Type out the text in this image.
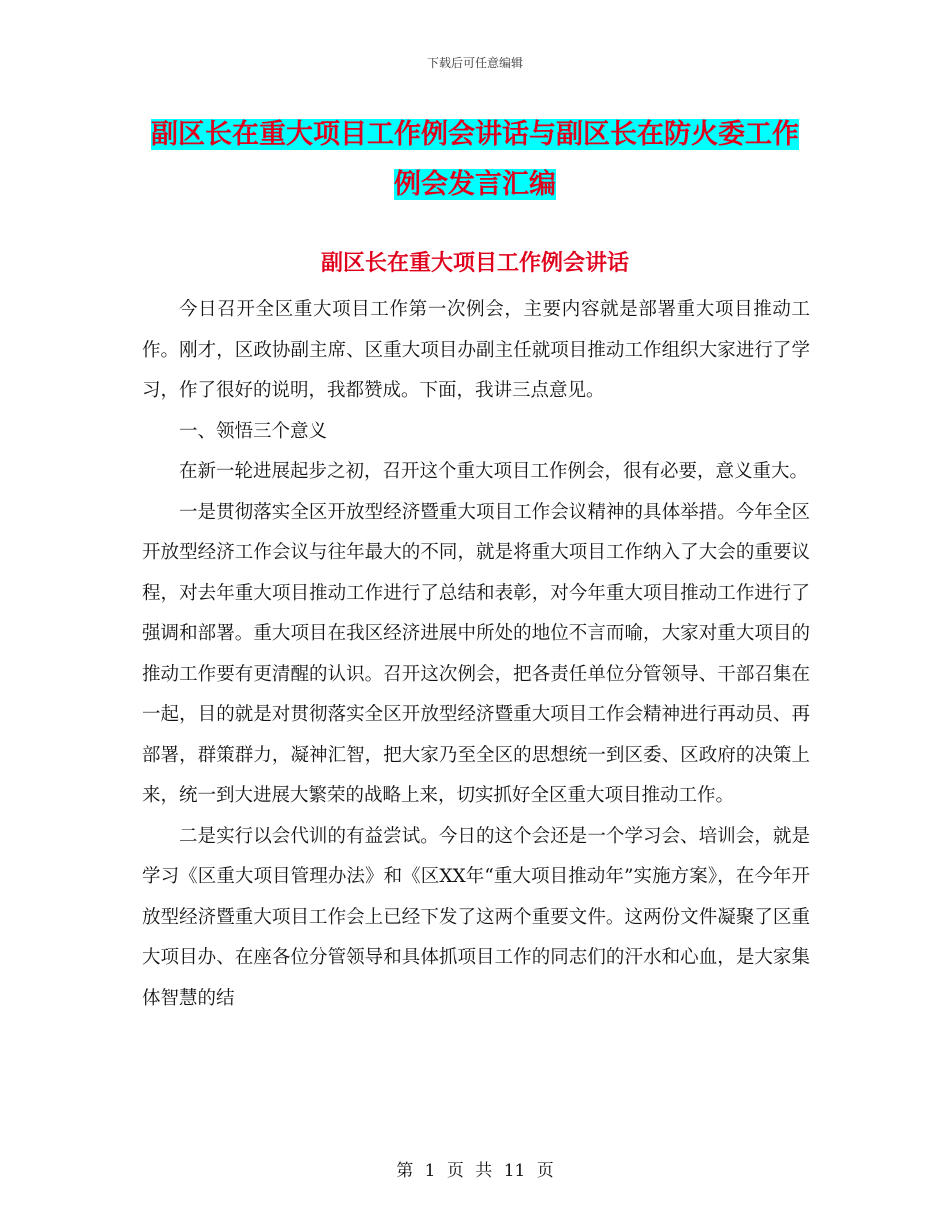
下载后可任意编辑
副区长在重大项目工作例会讲话与副区长在防火委工作例会发言汇编
副区长在重大项目工作例会讲话

今日召开全区重大项目工作第一次例会，主要内容就是部署重大项目推动工作。刚才，区政协副主席、区重大项目办副主任就项目推动工作组织大家进行了学习，作了很好的说明，我都赞成。下面，我讲三点意见。

一、领悟三个意义

在新一轮进展起步之初，召开这个重大项目工作例会，很有必要，意义重大。

一是贯彻落实全区开放型经济暨重大项目工作会议精神的具体举措。今年全区开放型经济工作会议与往年最大的不同，就是将重大项目工作纳入了大会的重要议程，对去年重大项目推动工作进行了总结和表彰，对今年重大项目推动工作进行了强调和部署。重大项目在我区经济进展中所处的地位不言而喻，大家对重大项目的推动工作要有更清醒的认识。召开这次例会，把各责任单位分管领导、干部召集在一起，目的就是对贯彻落实全区开放型经济暨重大项目工作会精神进行再动员、再部署，群策群力，凝神汇智，把大家乃至全区的思想统一到区委、区政府的决策上来，统一到大进展大繁荣的战略上来，切实抓好全区重大项目推动工作。

二是实行以会代训的有益尝试。今日的这个会还是一个学习会、培训会，就是学习《区重大项目管理办法》和《区XX年“重大项目推动年”实施方案》，在今年开放型经济暨重大项目工作会上已经下发了这两个重要文件。这两份文件凝聚了区重大项目办、在座各位分管领导和具体抓项目工作的同志们的汗水和心血，是大家集体智慧的结

第 1 页 共 11 页
